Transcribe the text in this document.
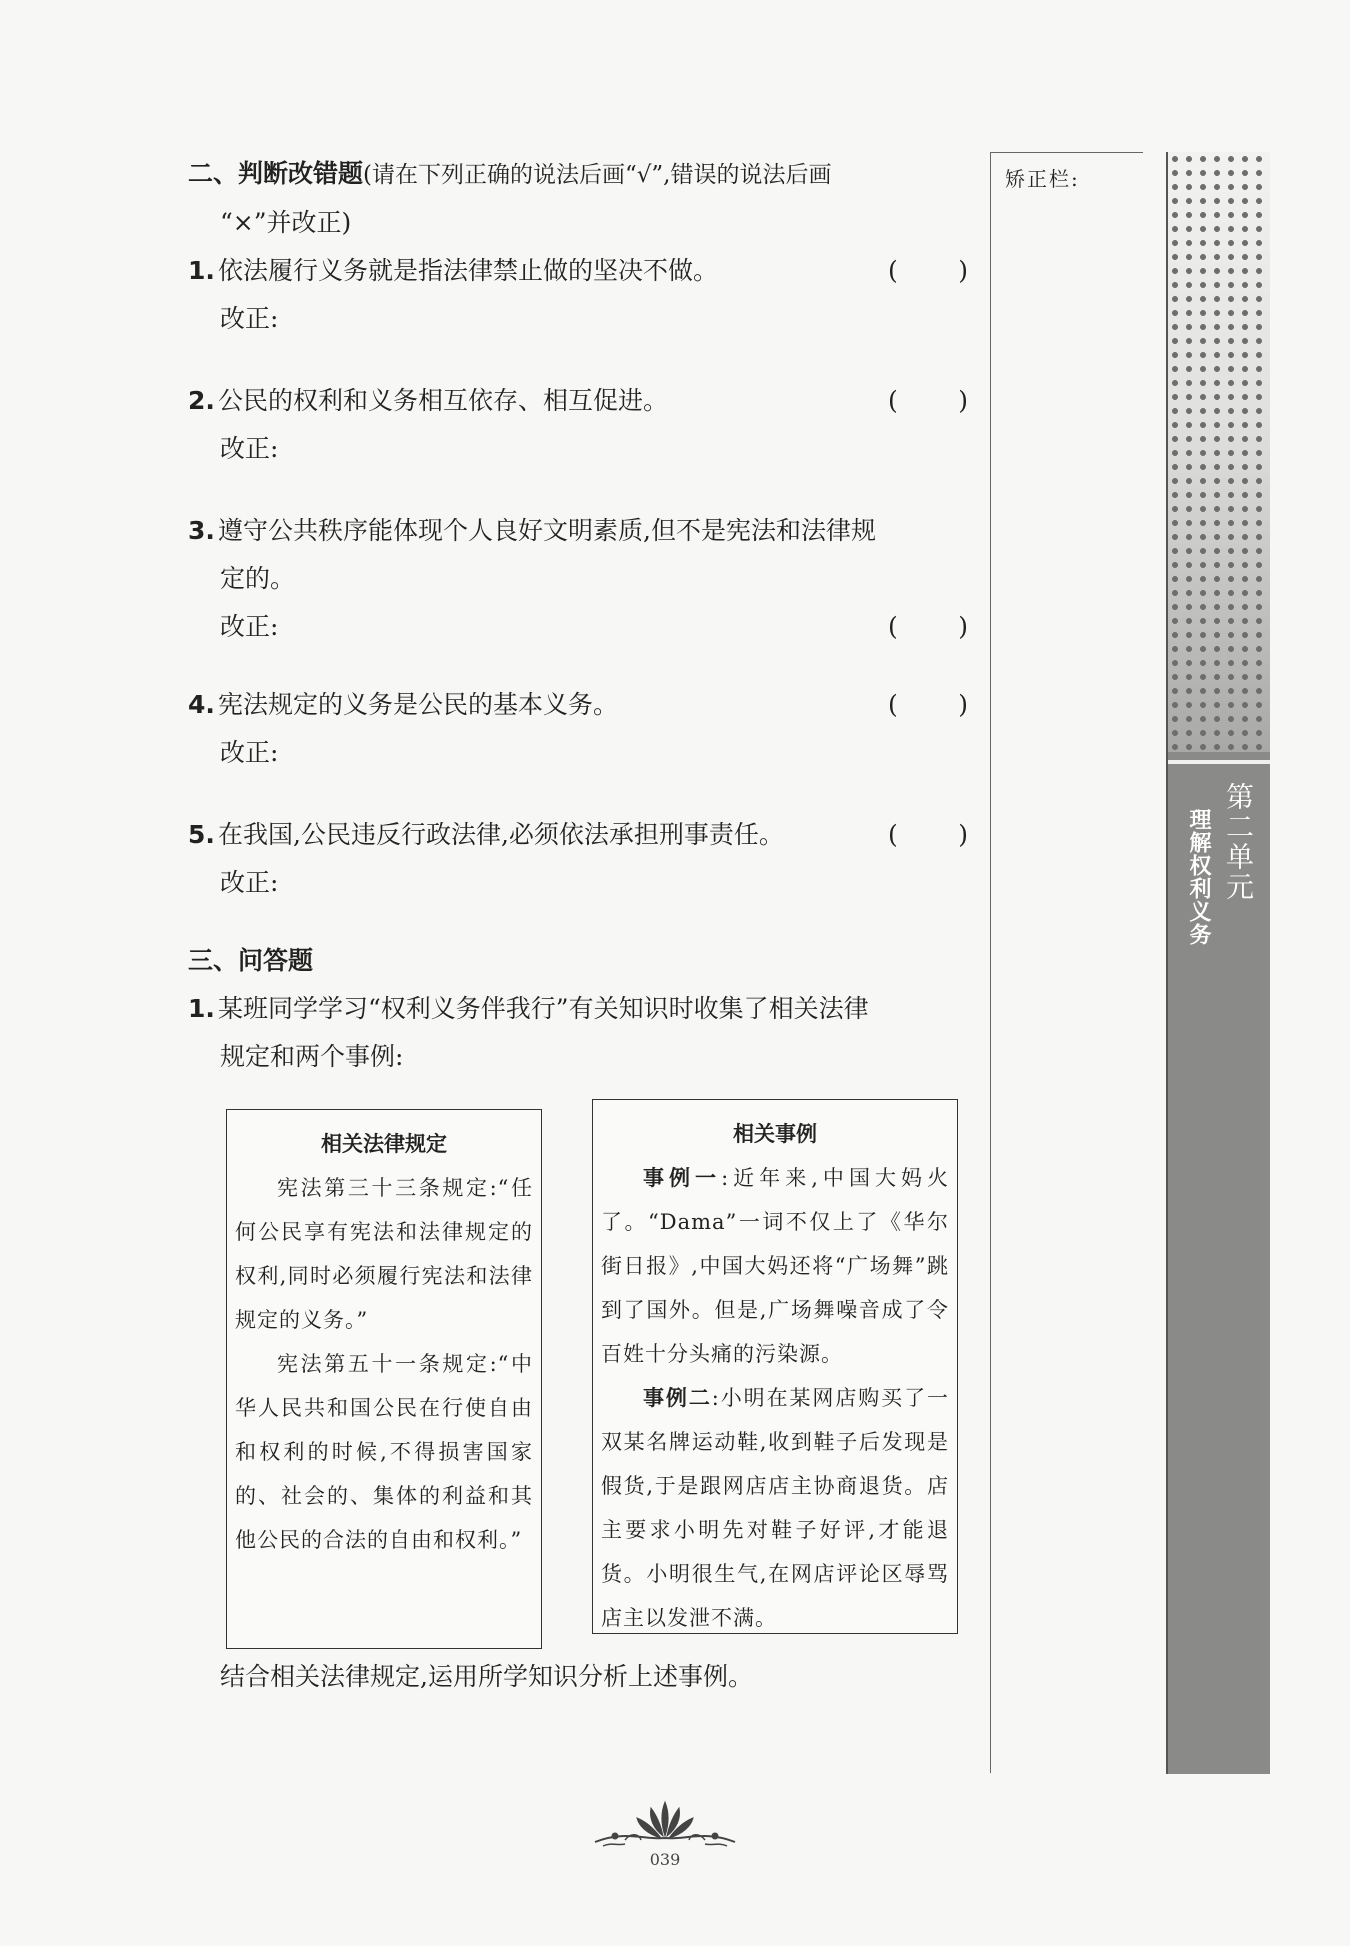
二、判断改错题(请在下列正确的说法后画“√”,错误的说法后画
“×”并改正)
1. 依法履行义务就是指法律禁止做的坚决不做。	( )
改正:
2. 公民的权利和义务相互依存、相互促进。	( )
改正:
3. 遵守公共秩序能体现个人良好文明素质,但不是宪法和法律规
定的。
改正:	( )
4. 宪法规定的义务是公民的基本义务。	( )
改正:
5. 在我国,公民违反行政法律,必须依法承担刑事责任。	( )
改正:
三、问答题
1. 某班同学学习“权利义务伴我行”有关知识时收集了相关法律
规定和两个事例:
相关法律规定

宪法第三十三条规定:“任何公民享有宪法和法律规定的权利,同时必须履行宪法和法律规定的义务。”

宪法第五十一条规定:“中华人民共和国公民在行使自由和权利的时候,不得损害国家的、社会的、集体的利益和其他公民的合法的自由和权利。”

相关事例

事例一:近年来,中国大妈火了。“Dama”一词不仅上了《华尔街日报》,中国大妈还将“广场舞”跳到了国外。但是,广场舞噪音成了令百姓十分头痛的污染源。

事例二:小明在某网店购买了一双某名牌运动鞋,收到鞋子后发现是假货,于是跟网店店主协商退货。店主要求小明先对鞋子好评,才能退货。小明很生气,在网店评论区辱骂店主以发泄不满。

结合相关法律规定,运用所学知识分析上述事例。
矫正栏:
第二单元
理解权利义务
039
